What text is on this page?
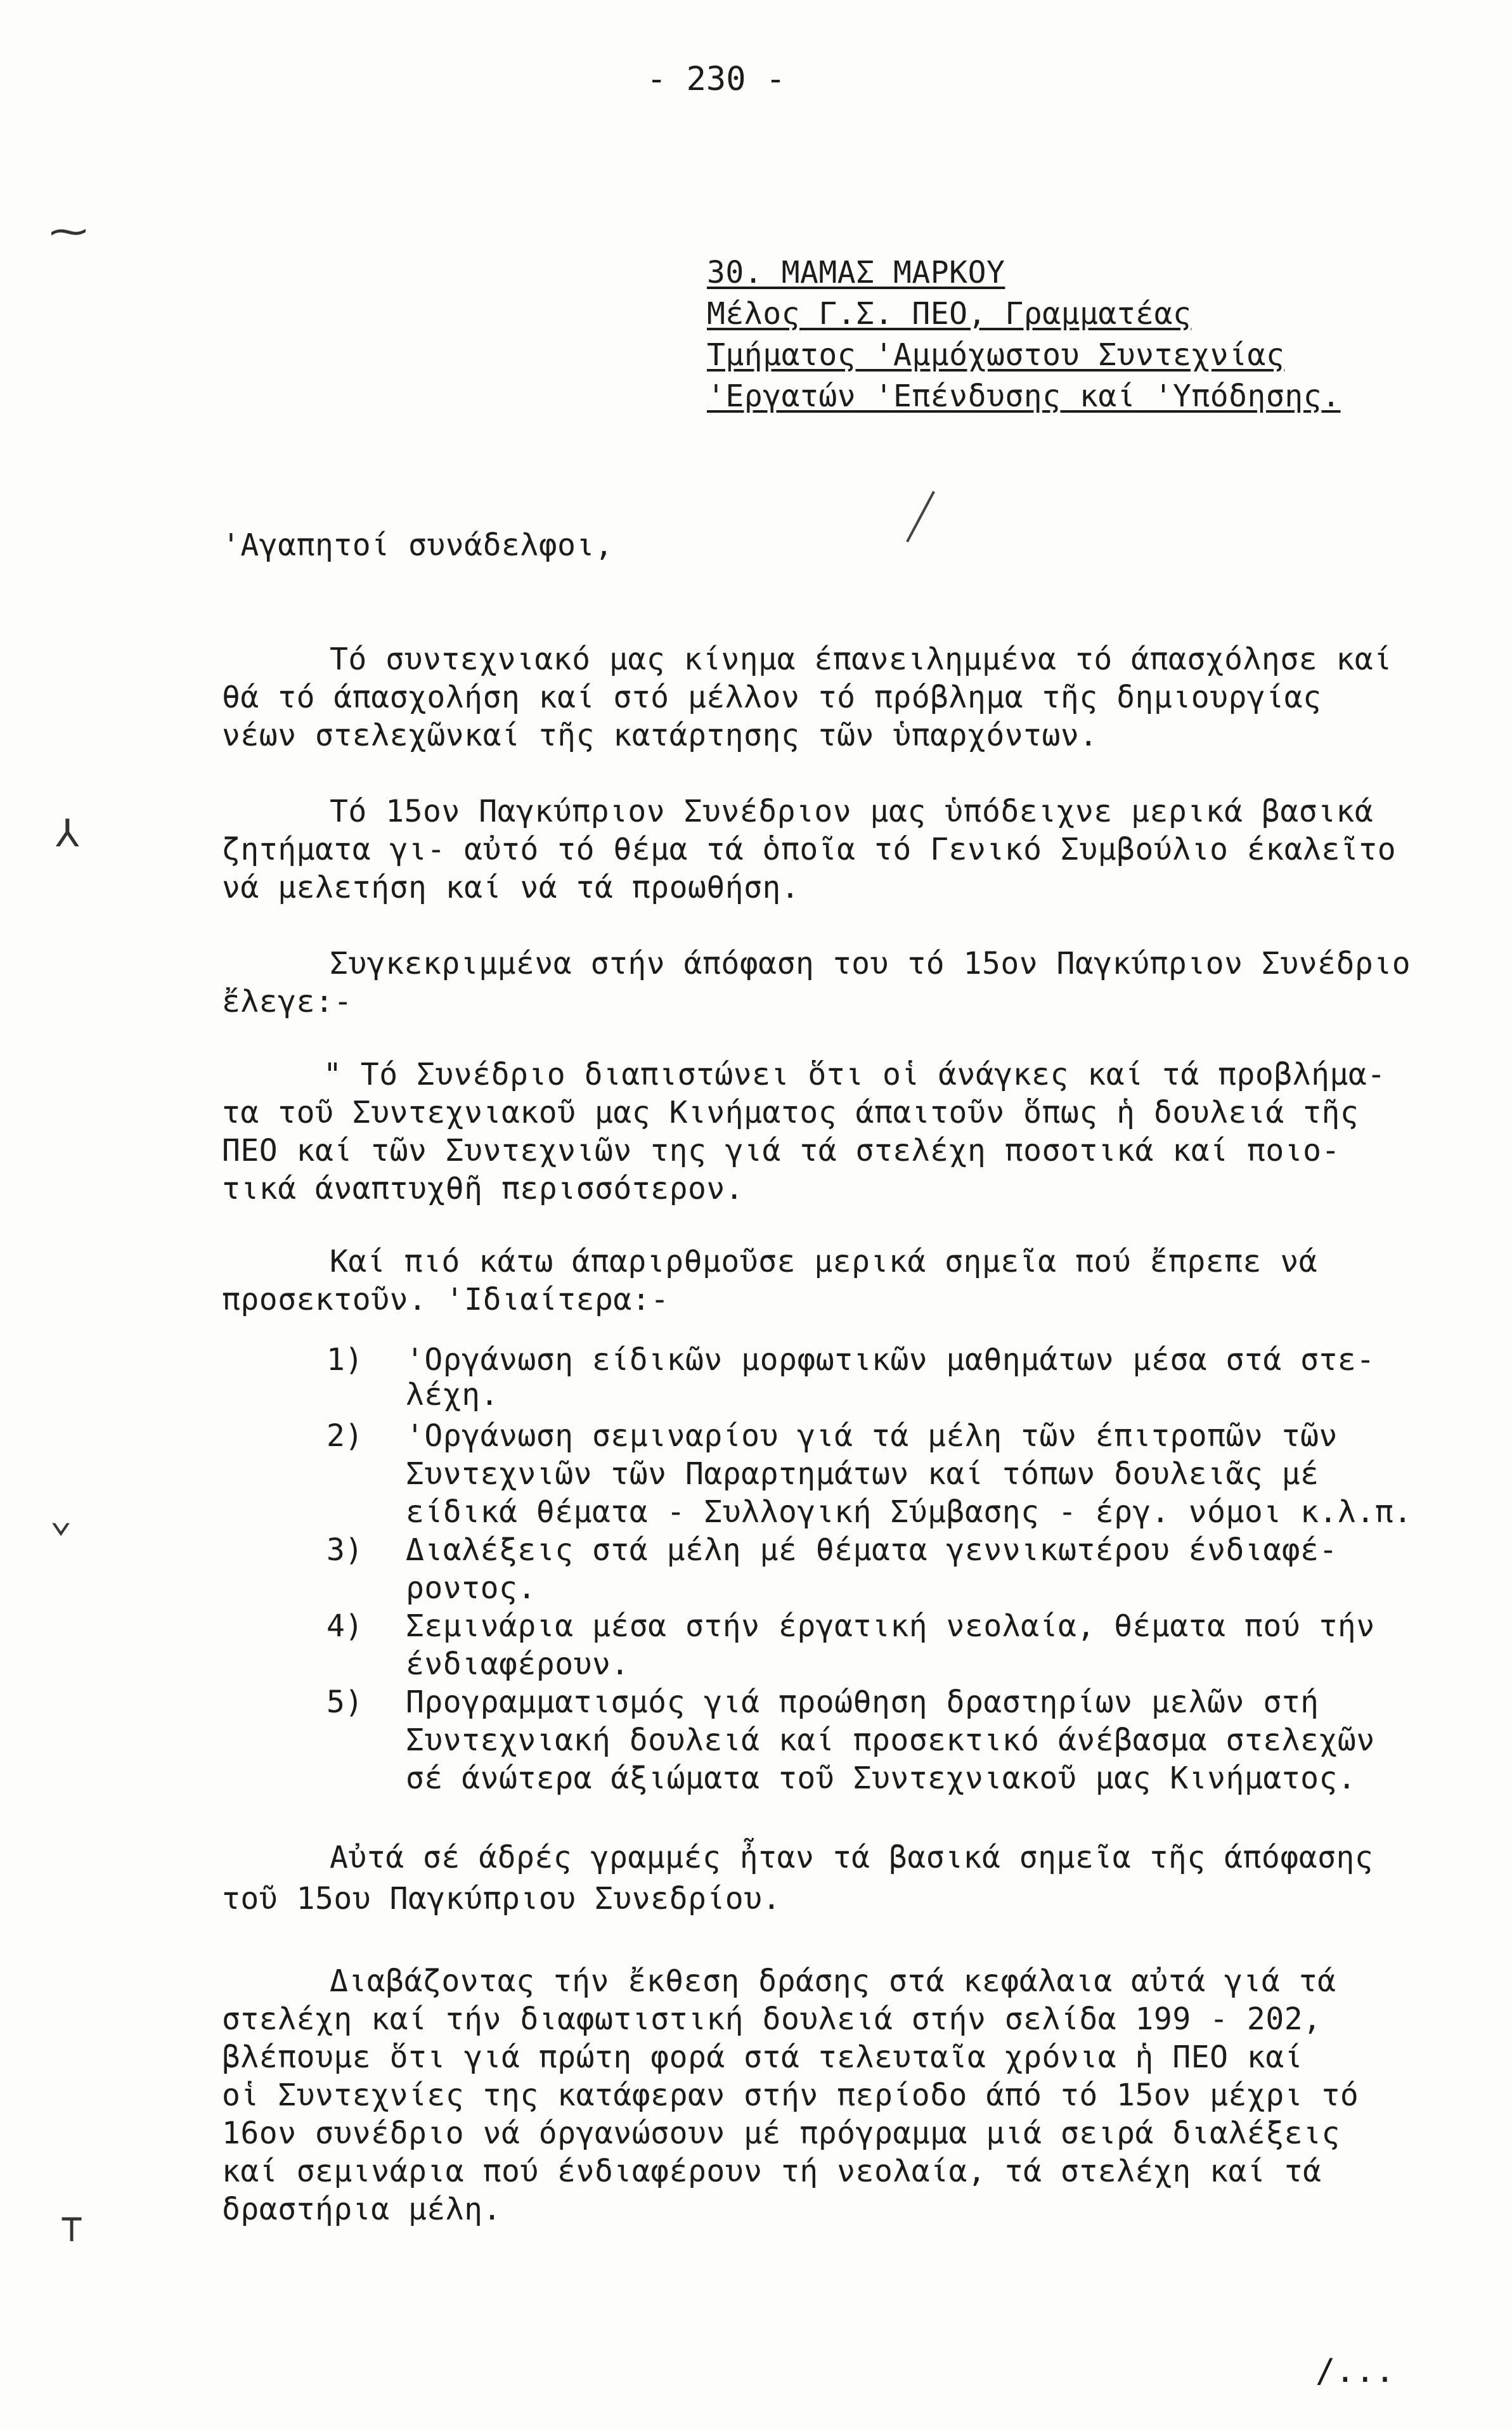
- 230 -
⁓
⅄
⌄
⊤
30. ΜΑΜΑΣ ΜΑΡΚΟΥ
Μέλος Γ.Σ. ΠΕΟ, Γραμματέας
Τμήματος 'Αμμόχωστου Συντεχνίας
'Εργατών 'Επένδυσης καί 'Υπόδησης.
'Αγαπητοί συνάδελφοι,
Τό συντεχνιακό μας κίνημα έπανειλημμένα τό άπασχόλησε καί
θά τό άπασχολήση καί στό μέλλον τό πρόβλημα τῆς δημιουργίας
νέων στελεχῶνκαί τῆς κατάρτησης τῶν ὑπαρχόντων.
Τό 15ον Παγκύπριον Συνέδριον μας ὑπόδειχνε μερικά βασικά
ζητήματα γι- αὐτό τό θέμα τά ὁποῖα τό Γενικό Συμβούλιο έκαλεῖτο
νά μελετήση καί νά τά προωθήση.
Συγκεκριμμένα στήν άπόφαση του τό 15ον Παγκύπριον Συνέδριο
ἔλεγε:-
" Τό Συνέδριο διαπιστώνει ὅτι οἱ άνάγκες καί τά προβλήμα-
τα τοῦ Συντεχνιακοῦ μας Κινήματος άπαιτοῦν ὅπως ἡ δουλειά τῆς
ΠΕΟ καί τῶν Συντεχνιῶν της γιά τά στελέχη ποσοτικά καί ποιο-
τικά άναπτυχθῆ περισσότερον.
Καί πιό κάτω άπαριρθμοῦσε μερικά σημεῖα πού ἔπρεπε νά
προσεκτοῦν. 'Ιδιαίτερα:-
1) 'Οργάνωση είδικῶν μορφωτικῶν μαθημάτων μέσα στά στε-
λέχη.
2) 'Οργάνωση σεμιναρίου γιά τά μέλη τῶν έπιτροπῶν τῶν
Συντεχνιῶν τῶν Παραρτημάτων καί τόπων δουλειᾶς μέ
είδικά θέματα - Συλλογική Σύμβασης - έργ. νόμοι κ.λ.π.
3) Διαλέξεις στά μέλη μέ θέματα γεννικωτέρου ένδιαφέ-
ροντος.
4) Σεμινάρια μέσα στήν έργατική νεολαία, θέματα πού τήν
ένδιαφέρουν.
5) Προγραμματισμός γιά προώθηση δραστηρίων μελῶν στή
Συντεχνιακή δουλειά καί προσεκτικό άνέβασμα στελεχῶν
σέ άνώτερα άξιώματα τοῦ Συντεχνιακοῦ μας Κινήματος.
Αὐτά σέ άδρές γραμμές ἦταν τά βασικά σημεῖα τῆς άπόφασης
τοῦ 15ου Παγκύπριου Συνεδρίου.
Διαβάζοντας τήν ἔκθεση δράσης στά κεφάλαια αὐτά γιά τά
στελέχη καί τήν διαφωτιστική δουλειά στήν σελίδα 199 - 202,
βλέπουμε ὅτι γιά πρώτη φορά στά τελευταῖα χρόνια ἡ ΠΕΟ καί
οἱ Συντεχνίες της κατάφεραν στήν περίοδο άπό τό 15ον μέχρι τό
16ον συνέδριο νά όργανώσουν μέ πρόγραμμα μιά σειρά διαλέξεις
καί σεμινάρια πού ένδιαφέρουν τή νεολαία, τά στελέχη καί τά
δραστήρια μέλη.
/...
